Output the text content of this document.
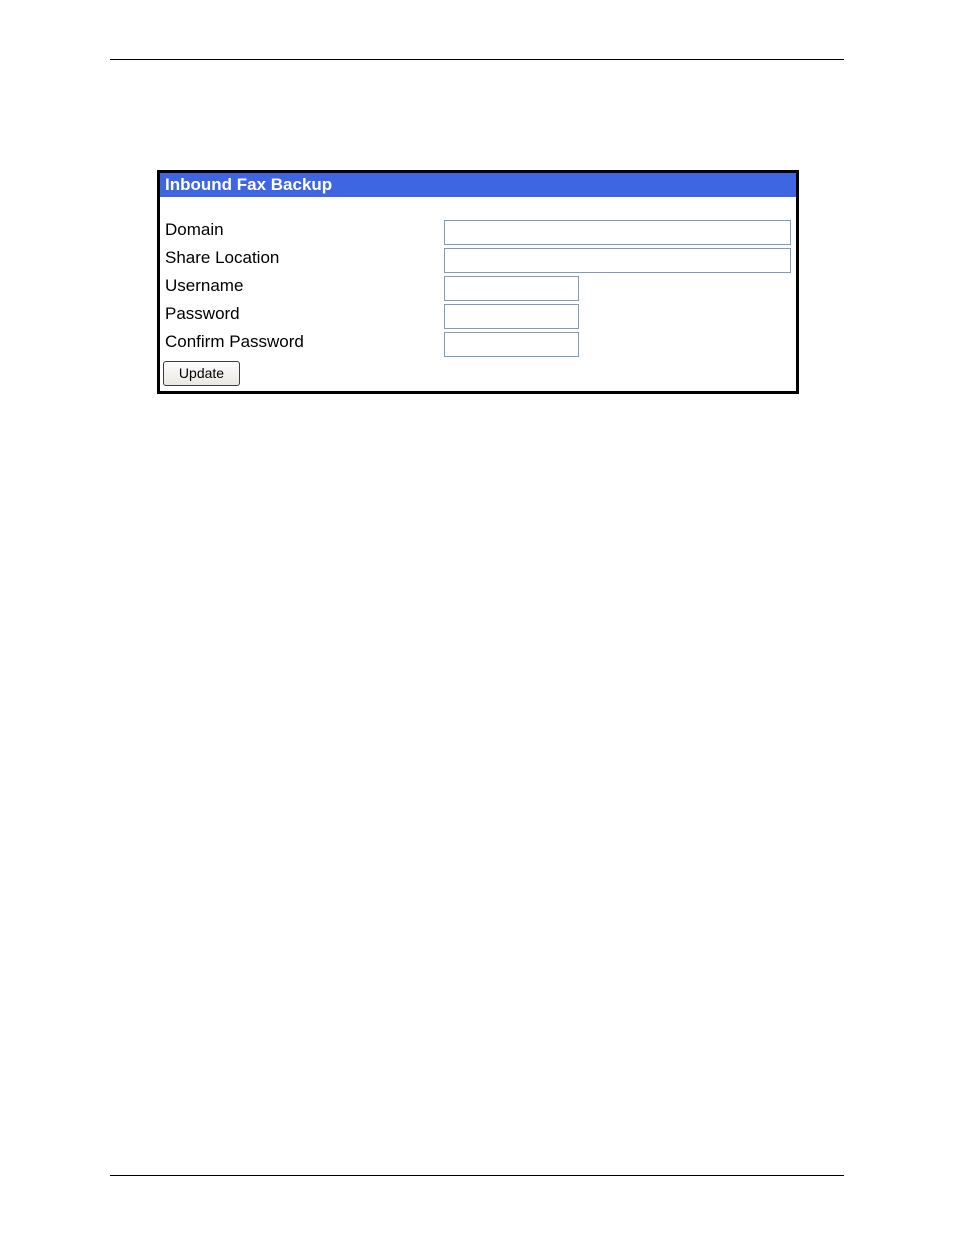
Inbound Fax Backup
Domain
Share Location
Username
Password
Confirm Password
Update
